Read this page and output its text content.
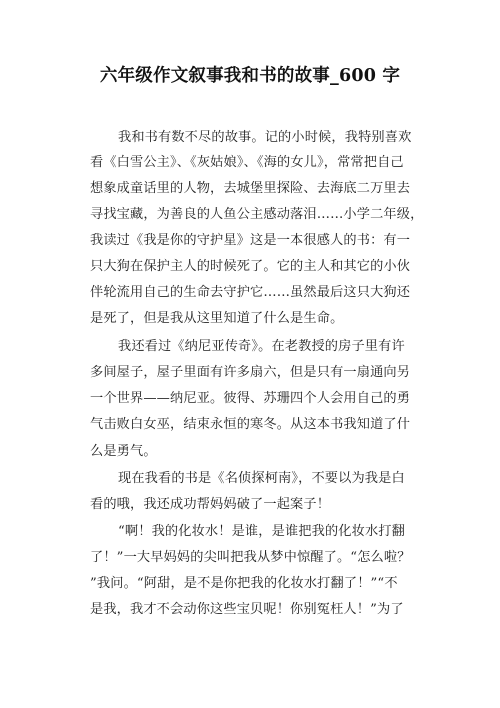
六年级作文叙事我和书的故事_600 字
我和书有数不尽的故事。记的小时候，我特别喜欢
看《白雪公主》、《灰姑娘》、《海的女儿》，常常把自己
想象成童话里的人物，去城堡里探险、去海底二万里去
寻找宝藏，为善良的人鱼公主感动落泪……小学二年级，
我读过《我是你的守护星》这是一本很感人的书：有一
只大狗在保护主人的时候死了。它的主人和其它的小伙
伴轮流用自己的生命去守护它……虽然最后这只大狗还
是死了，但是我从这里知道了什么是生命。
我还看过《纳尼亚传奇》。在老教授的房子里有许
多间屋子，屋子里面有许多扇六，但是只有一扇通向另
一个世界——纳尼亚。彼得、苏珊四个人会用自己的勇
气击败白女巫，结束永恒的寒冬。从这本书我知道了什
么是勇气。
现在我看的书是《名侦探柯南》，不要以为我是白
看的哦，我还成功帮妈妈破了一起案子！
“啊！我的化妆水！是谁，是谁把我的化妆水打翻
了！”一大早妈妈的尖叫把我从梦中惊醒了。“怎么啦？
”我问。“阿甜，是不是你把我的化妆水打翻了！”“不
是我，我才不会动你这些宝贝呢！你别冤枉人！”为了
